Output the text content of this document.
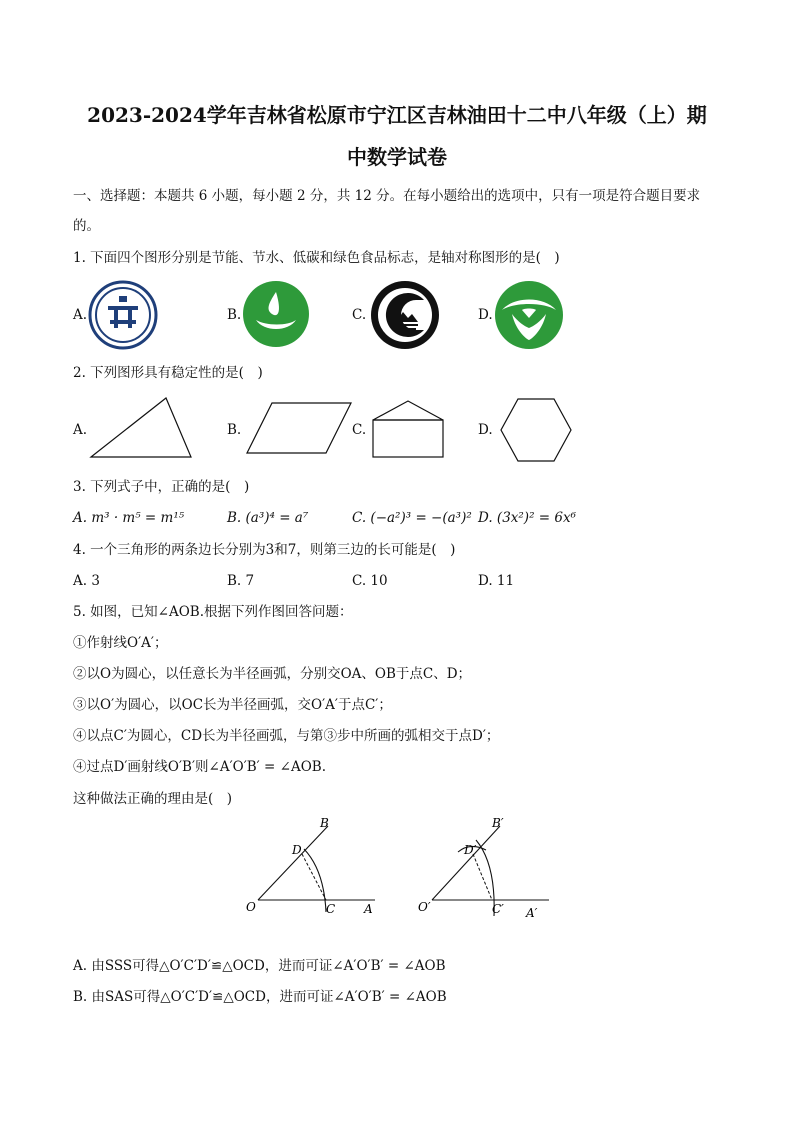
2023-2024学年吉林省松原市宁江区吉林油田十二中八年级（上）期
中数学试卷
一、选择题：本题共 6 小题，每小题 2 分，共 12 分。在每小题给出的选项中，只有一项是符合题目要求
的。
1. 下面四个图形分别是节能、节水、低碳和绿色食品标志，是轴对称图形的是(　)
A.	B.	C.	D.
2. 下列图形具有稳定性的是(　)
A.	B.	C.	D.
3. 下列式子中，正确的是(　)
A. m³ · m⁵ = m¹⁵	B. (a³)⁴ = a⁷	C. (−a²)³ = −(a³)² D. (3x²)² = 6x⁶
4. 一个三角形的两条边长分别为3和7，则第三边的长可能是(　)
A. 3	B. 7	C. 10	D. 11
5. 如图，已知∠AOB.根据下列作图回答问题：
①作射线O′A′；
②以O为圆心，以任意长为半径画弧，分别交OA、OB于点C、D；
③以O′为圆心，以OC长为半径画弧，交O′A′于点C′；
④以点C′为圆心，CD长为半径画弧，与第③步中所画的弧相交于点D′；
④过点D′画射线O′B′则∠A′O′B′ = ∠AOB.
这种做法正确的理由是(　)
B
D
O	C A
B′
D′
O′	C′ A′
A. 由SSS可得△O′C′D′≌△OCD，进而可证∠A′O′B′ = ∠AOB
B. 由SAS可得△O′C′D′≌△OCD，进而可证∠A′O′B′ = ∠AOB
